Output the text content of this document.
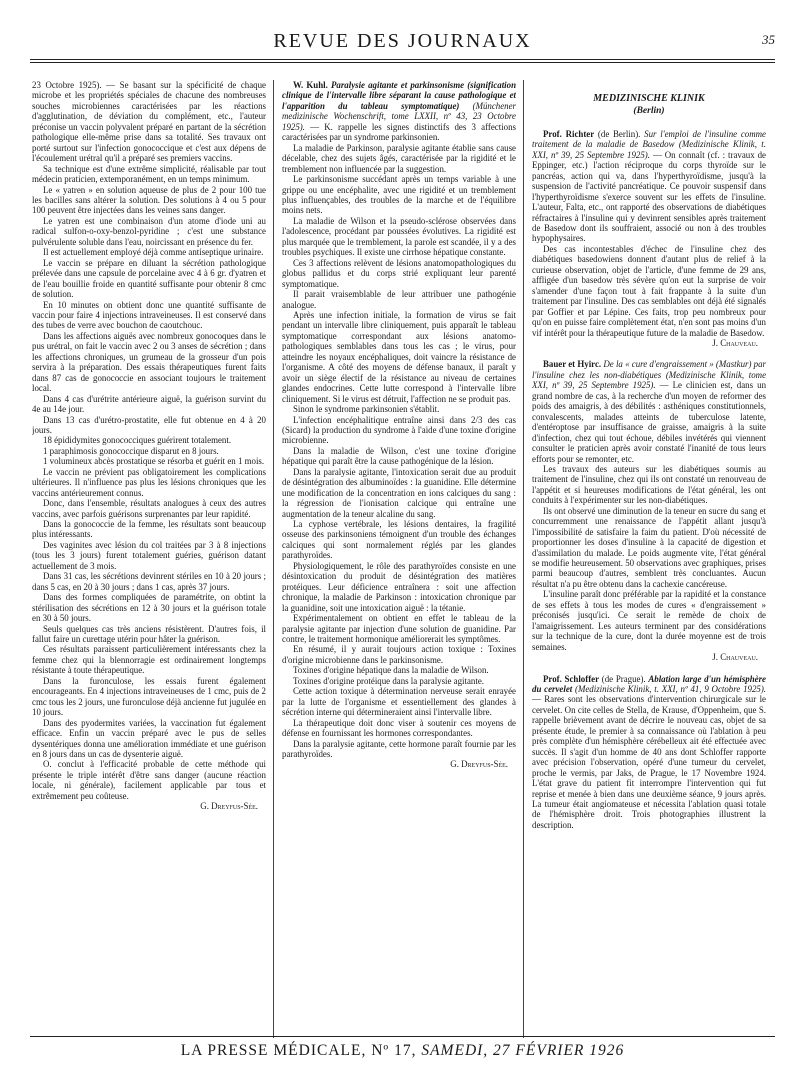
REVUE DES JOURNAUX	35

23 Octobre 1925). — Se basant sur la spécificité de chaque microbe et les propriétés spéciales de chacune des nombreuses souches microbiennes caractérisées par les réactions d'agglutination, de déviation du complément, etc., l'auteur préconise un vaccin polyvalent préparé en partant de la sécrétion pathologique elle-même prise dans sa totalité. Ses travaux ont porté surtout sur l'infection gonococcique et c'est aux dépens de l'écoulement urétral qu'il a préparé ses premiers vaccins.

Sa technique est d'une extrême simplicité, réalisable par tout médecin praticien, extemporanément, en un temps minimum.

Le « yatren » en solution aqueuse de plus de 2 pour 100 tue les bacilles sans altérer la solution. Des solutions à 4 ou 5 pour 100 peuvent être injectées dans les veines sans danger.

Le yatren est une combinaison d'un atome d'iode uni au radical sulfon-o-oxy-benzol-pyridine ; c'est une substance pulvérulente soluble dans l'eau, noircissant en présence du fer.

Il est actuellement employé déjà comme antiseptique urinaire.

Le vaccin se prépare en diluant la sécrétion pathologique prélevée dans une capsule de porcelaine avec 4 à 6 gr. d'yatren et de l'eau bouillie froide en quantité suffisante pour obtenir 8 cmc de solution.

En 10 minutes on obtient donc une quantité suffisante de vaccin pour faire 4 injections intraveineuses. Il est conservé dans des tubes de verre avec bouchon de caoutchouc.

Dans les affections aiguës avec nombreux gonocoques dans le pus urétral, on fait le vaccin avec 2 ou 3 anses de sécrétion ; dans les affections chroniques, un grumeau de la grosseur d'un pois servira à la préparation. Des essais thérapeutiques furent faits dans 87 cas de gonococcie en associant toujours le traitement local.

Dans 4 cas d'urétrite antérieure aiguë, la guérison survint du 4e au 14e jour.

Dans 13 cas d'urétro-prostatite, elle fut obtenue en 4 à 20 jours.

18 épididymites gonococciques guérirent totalement.

1 paraphimosis gonococcique disparut en 8 jours.

1 volumineux abcès prostatique se résorba et guérit en 1 mois.

Le vaccin ne prévient pas obligatoirement les complications ultérieures. Il n'influence pas plus les lésions chroniques que les vaccins antérieurement connus.

Donc, dans l'ensemble, résultats analogues à ceux des autres vaccins, avec parfois guérisons surprenantes par leur rapidité.

Dans la gonococcie de la femme, les résultats sont beaucoup plus intéressants.

Des vaginites avec lésion du col traitées par 3 à 8 injections (tous les 3 jours) furent totalement guéries, guérison datant actuellement de 3 mois.

Dans 31 cas, les sécrétions devinrent stériles en 10 à 20 jours ; dans 5 cas, en 20 à 30 jours ; dans 1 cas, après 37 jours.

Dans des formes compliquées de paramétrite, on obtint la stérilisation des sécrétions en 12 à 30 jours et la guérison totale en 30 à 50 jours.

Seuls quelques cas très anciens résistèrent. D'autres fois, il fallut faire un curettage utérin pour hâter la guérison.

Ces résultats paraissent particulièrement intéressants chez la femme chez qui la blennorragie est ordinairement longtemps résistante à toute thérapeutique.

Dans la furonculose, les essais furent également encourageants. En 4 injections intraveineuses de 1 cmc, puis de 2 cmc tous les 2 jours, une furonculose déjà ancienne fut jugulée en 10 jours.

Dans des pyodermites variées, la vaccination fut également efficace. Enfin un vaccin préparé avec le pus de selles dysentériques donna une amélioration immédiate et une guérison en 8 jours dans un cas de dysenterie aiguë.

O. conclut à l'efficacité probable de cette méthode qui présente le triple intérêt d'être sans danger (aucune réaction locale, ni générale), facilement applicable par tous et extrêmement peu coûteuse.

G. Dreyfus-Sée.

W. Kuhl. Paralysie agitante et parkinsonisme (signification clinique de l'intervalle libre séparant la cause pathologique et l'apparition du tableau symptomatique) (Münchener medizinische Wochenschrift, tome LXXII, nº 43, 23 Octobre 1925). — K. rappelle les signes distinctifs des 3 affections caractérisées par un syndrome parkinsonien.

La maladie de Parkinson, paralysie agitante établie sans cause décelable, chez des sujets âgés, caractérisée par la rigidité et le tremblement non influencée par la suggestion.

Le parkinsonisme succédant après un temps variable à une grippe ou une encéphalite, avec une rigidité et un tremblement plus influençables, des troubles de la marche et de l'équilibre moins nets.

La maladie de Wilson et la pseudo-sclérose observées dans l'adolescence, procédant par poussées évolutives. La rigidité est plus marquée que le tremblement, la parole est scandée, il y a des troubles psychiques. Il existe une cirrhose hépatique constante.

Ces 3 affections relèvent de lésions anatomopathologiques du globus pallidus et du corps strié expliquant leur parenté symptomatique.

Il parait vraisemblable de leur attribuer une pathogénie analogue.

Après une infection initiale, la formation de virus se fait pendant un intervalle libre cliniquement, puis apparaît le tableau symptomatique correspondant aux lésions anatomo-pathologiques semblables dans tous les cas ; le virus, pour atteindre les noyaux encéphaliques, doit vaincre la résistance de l'organisme. A côté des moyens de défense banaux, il paraît y avoir un siège électif de la résistance au niveau de certaines glandes endocrines. Cette lutte correspond à l'intervalle libre cliniquement. Si le virus est détruit, l'affection ne se produit pas.

Sinon le syndrome parkinsonien s'établit.

L'infection encéphalitique entraîne ainsi dans 2/3 des cas (Sicard) la production du syndrome à l'aide d'une toxine d'origine microbienne.

Dans la maladie de Wilson, c'est une toxine d'origine hépatique qui paraît être la cause pathogénique de la lésion.

Dans la paralysie agitante, l'intoxication serait due au produit de désintégration des albuminoïdes : la guanidine. Elle détermine une modification de la concentration en ions calciques du sang : la régression de l'ionisation calcique qui entraîne une augmentation de la teneur alcaline du sang.

La cyphose vertébrale, les lésions dentaires, la fragilité osseuse des parkinsoniens témoignent d'un trouble des échanges calciques qui sont normalement réglés par les glandes parathyroïdes.

Physiologiquement, le rôle des parathyroïdes consiste en une désintoxication du produit de désintégration des matières protéiques. Leur déficience entraînera : soit une affection chronique, la maladie de Parkinson : intoxication chronique par la guanidine, soit une intoxication aiguë : la tétanie.

Expérimentalement on obtient en effet le tableau de la paralysie agitante par injection d'une solution de guanidine. Par contre, le traitement hormonique améliorerait les symptômes.

En résumé, il y aurait toujours action toxique : Toxines d'origine microbienne dans le parkinsonisme.

Toxines d'origine hépatique dans la maladie de Wilson.

Toxines d'origine protéique dans la paralysie agitante.

Cette action toxique à détermination nerveuse serait enrayée par la lutte de l'organisme et essentiellement des glandes à sécrétion interne qui détermineraient ainsi l'intervalle libre.

La thérapeutique doit donc viser à soutenir ces moyens de défense en fournissant les hormones correspondantes.

Dans la paralysie agitante, cette hormone paraît fournie par les parathyroïdes.

G. Dreyfus-Sée.
MEDIZINISCHE KLINIK
(Berlin)

Prof. Richter (de Berlin). Sur l'emploi de l'insuline comme traitement de la maladie de Basedow (Medizinische Klinik, t. XXI, nº 39, 25 Septembre 1925). — On connaît (cf. : travaux de Eppinger, etc.) l'action réciproque du corps thyroïde sur le pancréas, action qui va, dans l'hyperthyroïdisme, jusqu'à la suspension de l'activité pancréatique. Ce pouvoir suspensif dans l'hyperthyroïdisme s'exerce souvent sur les effets de l'insuline. L'auteur, Falta, etc., ont rapporté des observations de diabétiques réfractaires à l'insuline qui y devinrent sensibles après traitement de Basedow dont ils souffraient, associé ou non à des troubles hypophysaires.

Des cas incontestables d'échec de l'insuline chez des diabétiques basedowiens donnent d'autant plus de relief à la curieuse observation, objet de l'article, d'une femme de 29 ans, affligée d'un basedow très sévère qu'on eut la surprise de voir s'amender d'une façon tout à fait frappante à la suite d'un traitement par l'insuline. Des cas semblables ont déjà été signalés par Goffier et par Lépine. Ces faits, trop peu nombreux pour qu'on en puisse faire complètement état, n'en sont pas moins d'un vif intérêt pour la thérapeutique future de la maladie de Basedow.

J. Chauveau.

Bauer et Hyirc. De la « cure d'engraissement » (Mastkur) par l'insuline chez les non-diabétiques (Medizinische Klinik, tome XXI, nº 39, 25 Septembre 1925). — Le clinicien est, dans un grand nombre de cas, à la recherche d'un moyen de reformer des poids des amaigris, à des débilités : asthéniques constitutionnels, convalescents, malades atteints de tuberculose latente, d'entéroptose par insuffisance de graisse, amaigris à la suite d'infection, chez qui tout échoue, débiles invétérés qui viennent consulter le praticien après avoir constaté l'inanité de tous leurs efforts pour se remonter, etc.

Les travaux des auteurs sur les diabétiques soumis au traitement de l'insuline, chez qui ils ont constaté un renouveau de l'appétit et si heureuses modifications de l'état général, les ont conduits à l'expérimenter sur les non-diabétiques.

Ils ont observé une diminution de la teneur en sucre du sang et concurremment une renaissance de l'appétit allant jusqu'à l'impossibilité de satisfaire la faim du patient. D'où nécessité de proportionner les doses d'insuline à la capacité de digestion et d'assimilation du malade. Le poids augmente vite, l'état général se modifie heureusement. 50 observations avec graphiques, prises parmi beaucoup d'autres, semblent très concluantes. Aucun résultat n'a pu être obtenu dans la cachexie cancéreuse.

L'insuline paraît donc préférable par la rapidité et la constance de ses effets à tous les modes de cures « d'engraissement » préconisés jusqu'ici. Ce serait le remède de choix de l'amaigrissement. Les auteurs terminent par des considérations sur la technique de la cure, dont la durée moyenne est de trois semaines.

J. Chauveau.

Prof. Schloffer (de Prague). Ablation large d'un hémisphère du cervelet (Medizinische Klinik, t. XXI, nº 41, 9 Octobre 1925). — Rares sont les observations d'intervention chirurgicale sur le cervelet. On cite celles de Stella, de Krause, d'Oppenheim, que S. rappelle brièvement avant de décrire le nouveau cas, objet de sa présente étude, le premier à sa connaissance où l'ablation à peu près complète d'un hémisphère cérébelleux ait été effectuée avec succès. Il s'agit d'un homme de 40 ans dont Schloffer rapporte avec précision l'observation, opéré d'une tumeur du cervelet, proche le vermis, par Jaks, de Prague, le 17 Novembre 1924. L'état grave du patient fit interrompre l'intervention qui fut reprise et menée à bien dans une deuxième séance, 9 jours après. La tumeur était angiomateuse et nécessita l'ablation quasi totale de l'hémisphère droit. Trois photographies illustrent la description.

LA PRESSE MÉDICALE, Nº 17, SAMEDI, 27 FÉVRIER 1926
